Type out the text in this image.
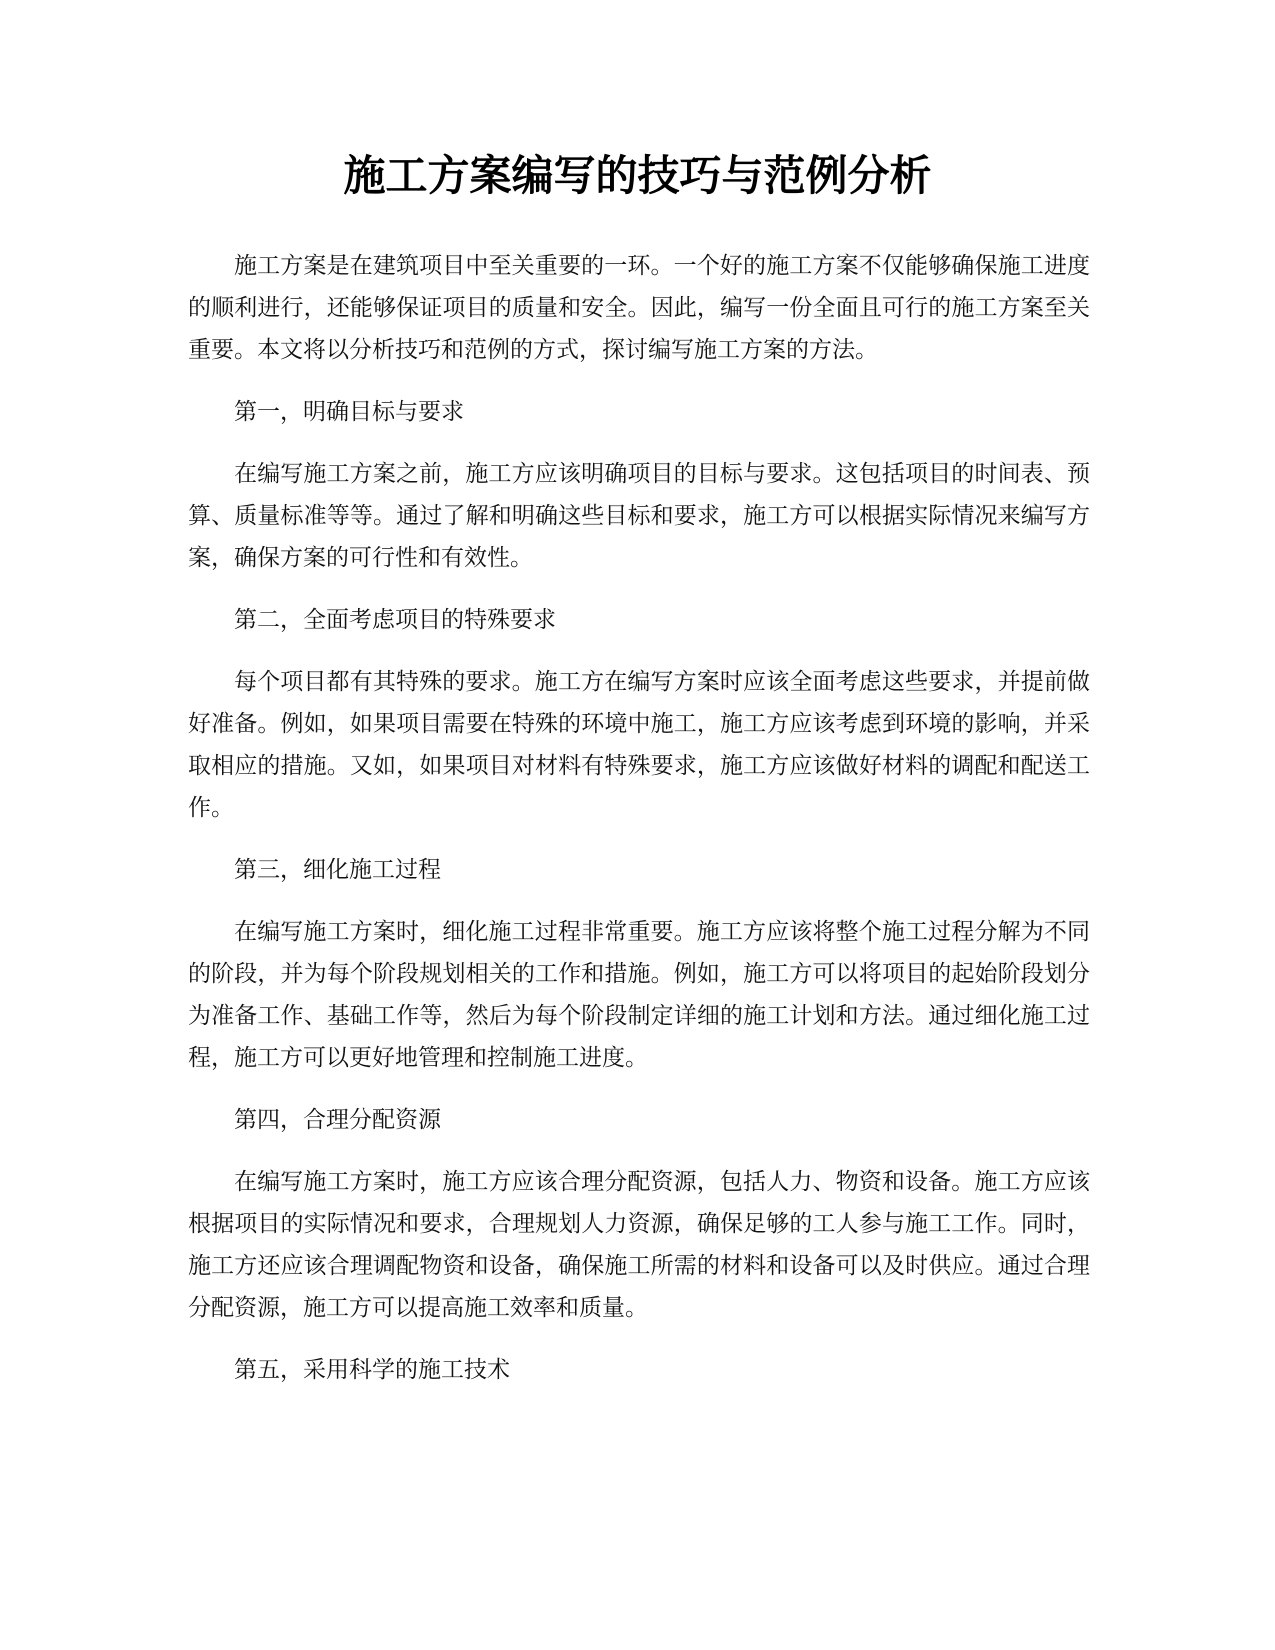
施工方案编写的技巧与范例分析

施工方案是在建筑项目中至关重要的一环。一个好的施工方案不仅能够确保施工进度的顺利进行，还能够保证项目的质量和安全。因此，编写一份全面且可行的施工方案至关重要。本文将以分析技巧和范例的方式，探讨编写施工方案的方法。

第一，明确目标与要求

在编写施工方案之前，施工方应该明确项目的目标与要求。这包括项目的时间表、预算、质量标准等等。通过了解和明确这些目标和要求，施工方可以根据实际情况来编写方案，确保方案的可行性和有效性。

第二，全面考虑项目的特殊要求

每个项目都有其特殊的要求。施工方在编写方案时应该全面考虑这些要求，并提前做好准备。例如，如果项目需要在特殊的环境中施工，施工方应该考虑到环境的影响，并采取相应的措施。又如，如果项目对材料有特殊要求，施工方应该做好材料的调配和配送工作。

第三，细化施工过程

在编写施工方案时，细化施工过程非常重要。施工方应该将整个施工过程分解为不同的阶段，并为每个阶段规划相关的工作和措施。例如，施工方可以将项目的起始阶段划分为准备工作、基础工作等，然后为每个阶段制定详细的施工计划和方法。通过细化施工过程，施工方可以更好地管理和控制施工进度。

第四，合理分配资源

在编写施工方案时，施工方应该合理分配资源，包括人力、物资和设备。施工方应该根据项目的实际情况和要求，合理规划人力资源，确保足够的工人参与施工工作。同时，施工方还应该合理调配物资和设备，确保施工所需的材料和设备可以及时供应。通过合理分配资源，施工方可以提高施工效率和质量。

第五，采用科学的施工技术
